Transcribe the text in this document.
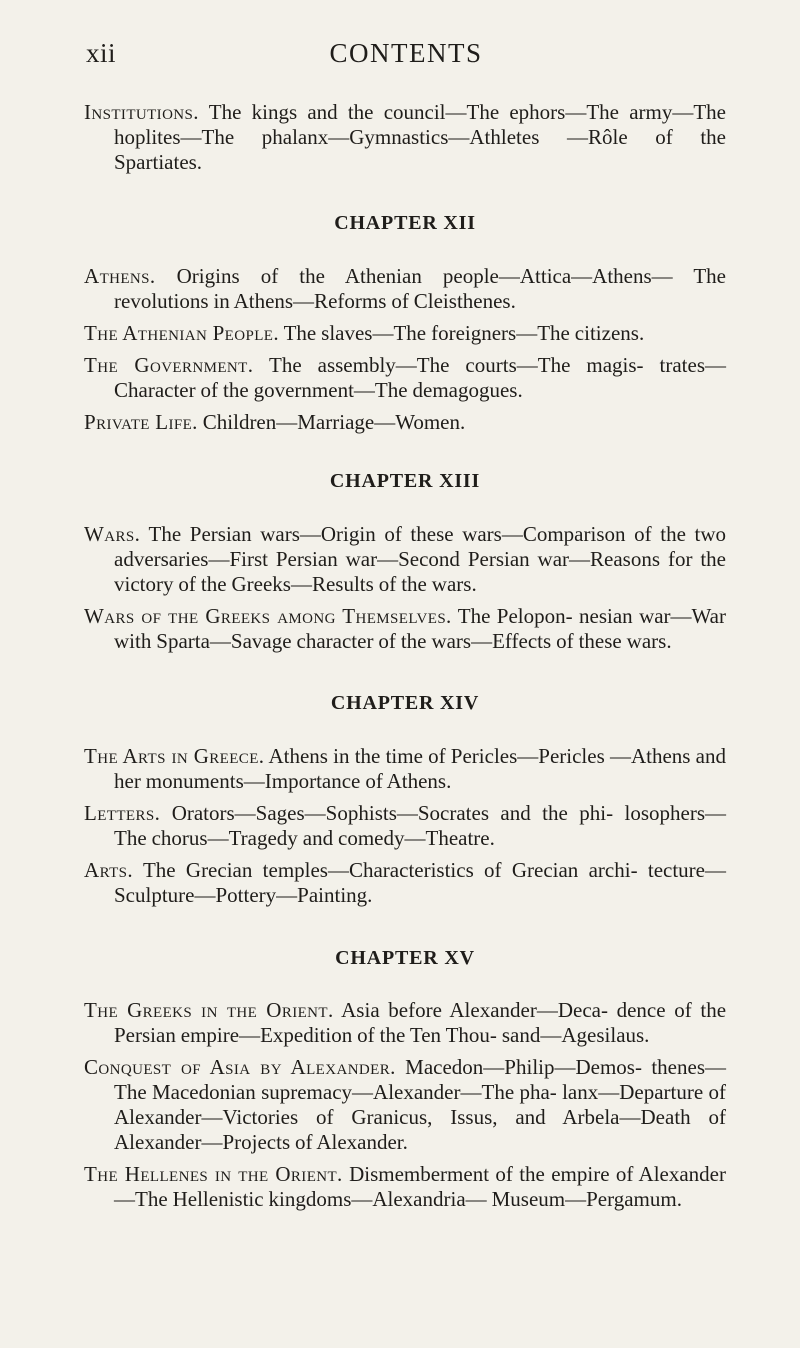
xii	CONTENTS

Institutions. The kings and the council—The ephors—The army—The hoplites—The phalanx—Gymnastics—Athletes —Rôle of the Spartiates.

CHAPTER XII

Athens. Origins of the Athenian people—Attica—Athens— The revolutions in Athens—Reforms of Cleisthenes.

The Athenian People. The slaves—The foreigners—The citizens.

The Government. The assembly—The courts—The magis- trates—Character of the government—The demagogues.

Private Life. Children—Marriage—Women.

CHAPTER XIII

Wars. The Persian wars—Origin of these wars—Comparison of the two adversaries—First Persian war—Second Persian war—Reasons for the victory of the Greeks—Results of the wars.

Wars of the Greeks among Themselves. The Pelopon- nesian war—War with Sparta—Savage character of the wars—Effects of these wars.

CHAPTER XIV

The Arts in Greece. Athens in the time of Pericles—Pericles —Athens and her monuments—Importance of Athens.

Letters. Orators—Sages—Sophists—Socrates and the phi- losophers—The chorus—Tragedy and comedy—Theatre.

Arts. The Grecian temples—Characteristics of Grecian archi- tecture—Sculpture—Pottery—Painting.

CHAPTER XV

The Greeks in the Orient. Asia before Alexander—Deca- dence of the Persian empire—Expedition of the Ten Thou- sand—Agesilaus.

Conquest of Asia by Alexander. Macedon—Philip—Demos- thenes—The Macedonian supremacy—Alexander—The pha- lanx—Departure of Alexander—Victories of Granicus, Issus, and Arbela—Death of Alexander—Projects of Alexander.

The Hellenes in the Orient. Dismemberment of the empire of Alexander—The Hellenistic kingdoms—Alexandria— Museum—Pergamum.
